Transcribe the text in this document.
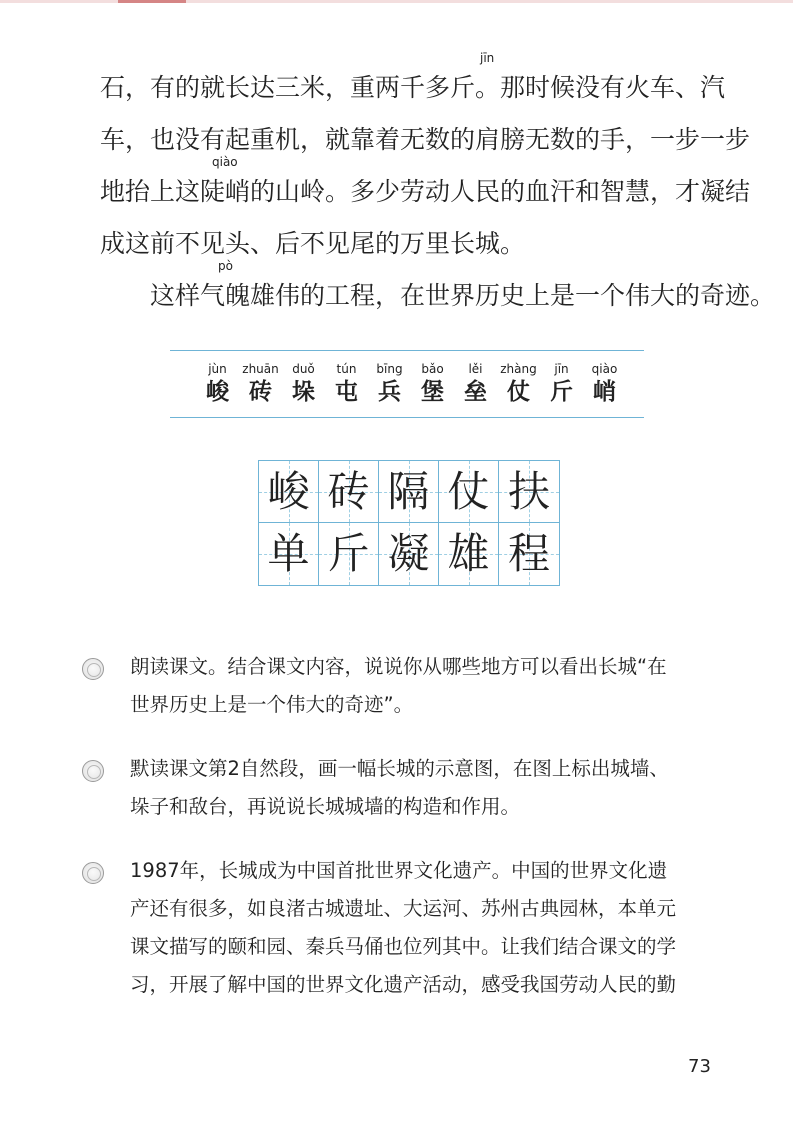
石，有的就长达三米，重两千多斤。那时候没有火车、汽
jīn
车，也没有起重机，就靠着无数的肩膀无数的手，一步一步
地抬上这陡峭的山岭。多少劳动人民的血汗和智慧，才凝结
qiào
成这前不见头、后不见尾的万里长城。
这样气魄雄伟的工程，在世界历史上是一个伟大的奇迹。
pò
jùn
峻
zhuān
砖
duǒ
垛
tún
屯
bīng
兵
bǎo
堡
lěi
垒
zhàng
仗
jīn
斤
qiào
峭
峻 砖 隔 仗 扶
单 斤 凝 雄 程
朗读课文。结合课文内容，说说你从哪些地方可以看出长城“在
世界历史上是一个伟大的奇迹”。
默读课文第2自然段，画一幅长城的示意图，在图上标出城墙、
垛子和敌台，再说说长城城墙的构造和作用。
1987年，长城成为中国首批世界文化遗产。中国的世界文化遗
产还有很多，如良渚古城遗址、大运河、苏州古典园林，本单元
课文描写的颐和园、秦兵马俑也位列其中。让我们结合课文的学
习，开展了解中国的世界文化遗产活动，感受我国劳动人民的勤
73
